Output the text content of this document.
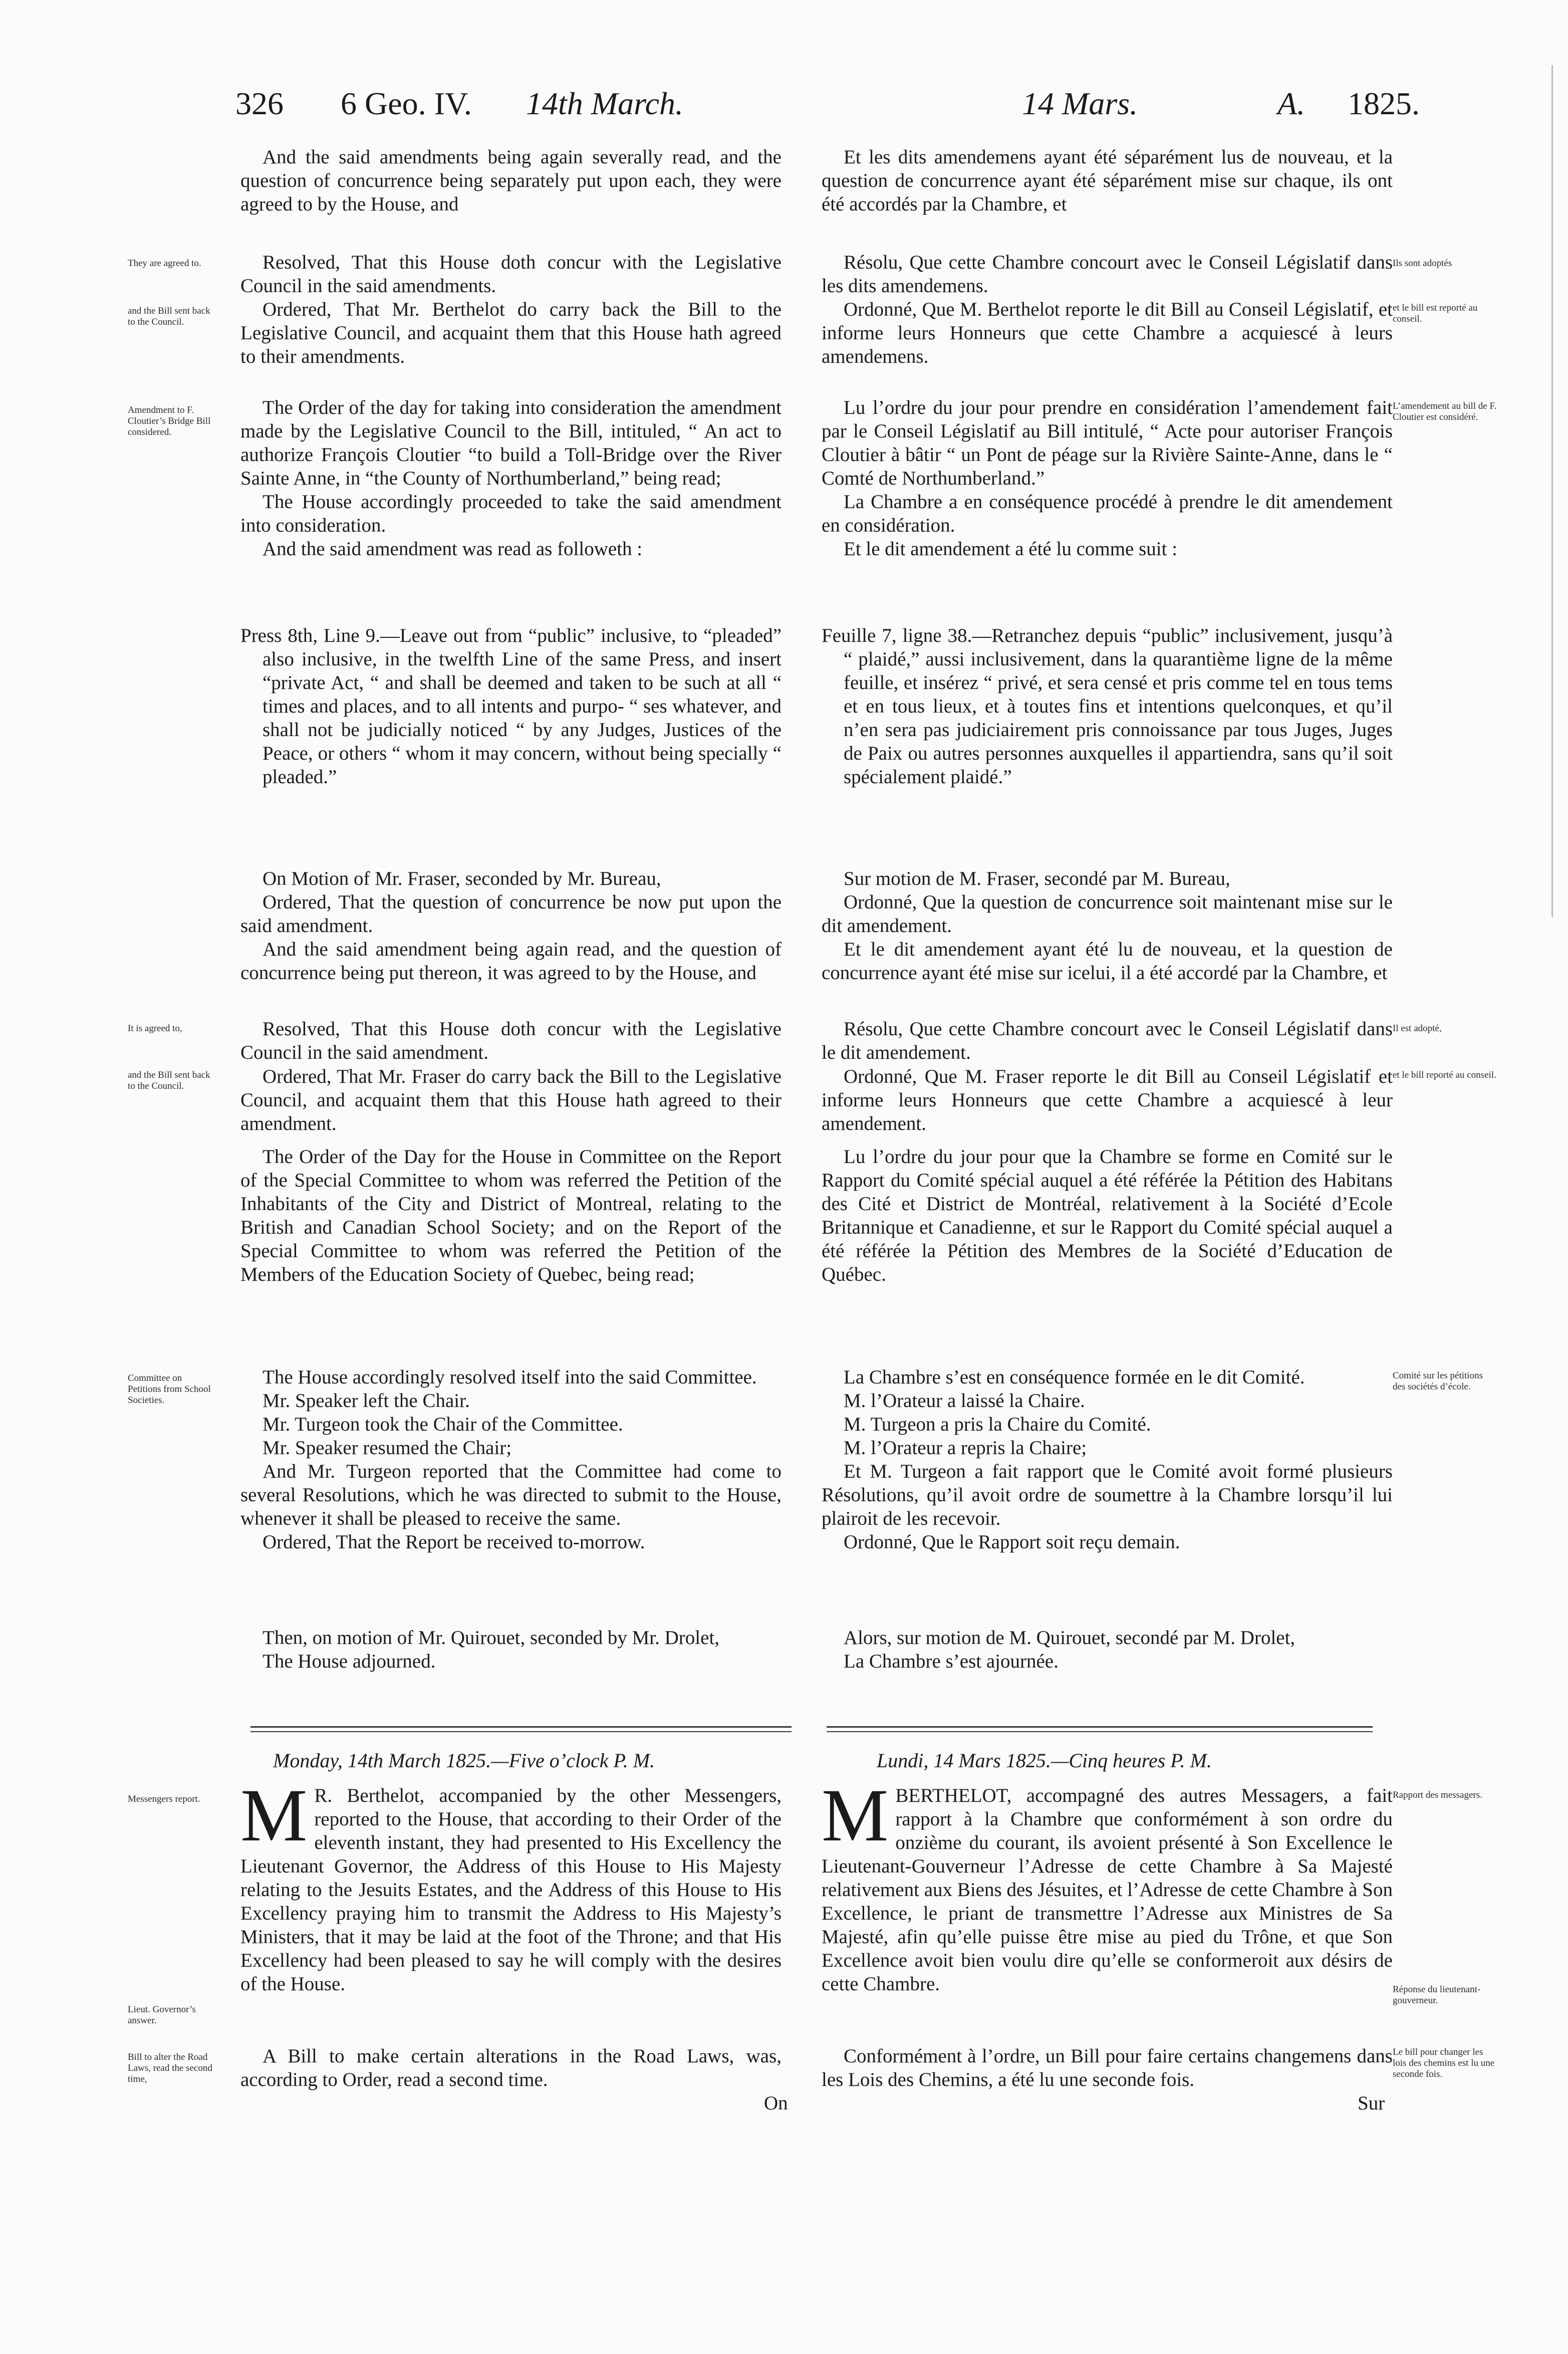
326 6 Geo. IV. 14th March.	14 Mars.	A. 1825.

And the said amendments being again severally read, and the question of concurrence being separately put upon each, they were agreed to by the House, and

Et les dits amendemens ayant été séparément lus de nouveau, et la question de concurrence ayant été séparément mise sur chaque, ils ont été accordés par la Chambre, et

They are agreed to.	Resolved, That this House doth concur with the Legislative Council in the said amendments.

Résolu, Que cette Chambre concourt avec le Conseil Législatif dans les dits amendemens.

Ils sont adoptés
and the Bill sent back to the Council.

Ordered, That Mr. Berthelot do carry back the Bill to the Legislative Council, and acquaint them that this House hath agreed to their amendments.

Ordonné, Que M. Berthelot reporte le dit Bill au Conseil Législatif, et informe leurs Honneurs que cette Chambre a acquiescé à leurs amendemens.

et le bill est reporté au conseil.
Amendment to F. Cloutier’s Bridge Bill considered.

The Order of the day for taking into consideration the amendment made by the Legislative Council to the Bill, intituled, “ An act to authorize François Cloutier “to build a Toll-Bridge over the River Sainte Anne, in “the County of Northumberland,” being read;

The House accordingly proceeded to take the said amendment into consideration.

And the said amendment was read as followeth :

Lu l’ordre du jour pour prendre en considération l’amendement fait par le Conseil Législatif au Bill intitulé, “ Acte pour autoriser François Cloutier à bâtir “ un Pont de péage sur la Rivière Sainte-Anne, dans le “ Comté de Northumberland.”

La Chambre a en conséquence procédé à prendre le dit amendement en considération.

Et le dit amendement a été lu comme suit :

L’amendement au bill de F. Cloutier est considéré.

Press 8th, Line 9.—Leave out from “public” inclusive, to “pleaded” also inclusive, in the twelfth Line of the same Press, and insert “private Act, “ and shall be deemed and taken to be such at all “ times and places, and to all intents and purpo- “ ses whatever, and shall not be judicially noticed “ by any Judges, Justices of the Peace, or others “ whom it may concern, without being specially “ pleaded.”

Feuille 7, ligne 38.—Retranchez depuis “public” inclusivement, jusqu’à “ plaidé,” aussi inclusivement, dans la quarantième ligne de la même feuille, et insérez “ privé, et sera censé et pris comme tel en tous tems et en tous lieux, et à toutes fins et intentions quelconques, et qu’il n’en sera pas judiciairement pris connoissance par tous Juges, Juges de Paix ou autres personnes auxquelles il appartiendra, sans qu’il soit spécialement plaidé.”

On Motion of Mr. Fraser, seconded by Mr. Bureau,

Ordered, That the question of concurrence be now put upon the said amendment.

And the said amendment being again read, and the question of concurrence being put thereon, it was agreed to by the House, and

Sur motion de M. Fraser, secondé par M. Bureau,

Ordonné, Que la question de concurrence soit maintenant mise sur le dit amendement.

Et le dit amendement ayant été lu de nouveau, et la question de concurrence ayant été mise sur icelui, il a été accordé par la Chambre, et

It is agreed to,	Resolved, That this House doth concur with the Legislative Council in the said amendment.

Résolu, Que cette Chambre concourt avec le Conseil Législatif dans le dit amendement.

Il est adopté,
and the Bill sent back to the Council.	Ordered, That Mr. Fraser do carry back the Bill to the Legislative Council, and acquaint them that this House hath agreed to their amendment.

Ordonné, Que M. Fraser reporte le dit Bill au Conseil Législatif et informe leurs Honneurs que cette Chambre a acquiescé à leur amendement.

et le bill reporté au conseil.

The Order of the Day for the House in Committee on the Report of the Special Committee to whom was referred the Petition of the Inhabitants of the City and District of Montreal, relating to the British and Canadian School Society; and on the Report of the Special Committee to whom was referred the Petition of the Members of the Education Society of Quebec, being read;

Lu l’ordre du jour pour que la Chambre se forme en Comité sur le Rapport du Comité spécial auquel a été référée la Pétition des Habitans des Cité et District de Montréal, relativement à la Société d’Ecole Britannique et Canadienne, et sur le Rapport du Comité spécial auquel a été référée la Pétition des Membres de la Société d’Education de Québec.

Committee on Petitions from School Societies.

The House accordingly resolved itself into the said Committee.

Mr. Speaker left the Chair.

Mr. Turgeon took the Chair of the Committee.

Mr. Speaker resumed the Chair;

And Mr. Turgeon reported that the Committee had come to several Resolutions, which he was directed to submit to the House, whenever it shall be pleased to receive the same.

Ordered, That the Report be received to-morrow.

La Chambre s’est en conséquence formée en le dit Comité.

M. l’Orateur a laissé la Chaire.

M. Turgeon a pris la Chaire du Comité.

M. l’Orateur a repris la Chaire;

Et M. Turgeon a fait rapport que le Comité avoit formé plusieurs Résolutions, qu’il avoit ordre de soumettre à la Chambre lorsqu’il lui plairoit de les recevoir.

Ordonné, Que le Rapport soit reçu demain.

Comité sur les pétitions des sociétés d’école.

Then, on motion of Mr. Quirouet, seconded by Mr. Drolet,

The House adjourned.

Alors, sur motion de M. Quirouet, secondé par M. Drolet,

La Chambre s’est ajournée.

Monday, 14th March 1825.—Five o’clock P. M.	Lundi, 14 Mars 1825.—Cinq heures P. M.
Messengers report. M R. Berthelot, accompanied by the other Messengers, reported to the House, that according to their Order of the eleventh instant, they had presented to His Excellency the Lieutenant Governor, the Address of this House to His Majesty relating to the Jesuits Estates, and the Address of this House to His Excellency praying him to transmit the Address to His Majesty’s Ministers, that it may be laid at the foot of the Throne; and that His Excellency had been pleased to say he will comply with the desires of the House.

MBERTHELOT, accompagné des autres Messagers, a fait rapport à la Chambre que conformément à son ordre du onzième du courant, ils avoient présenté à Son Excellence le Lieutenant-Gouverneur l’Adresse de cette Chambre à Sa Majesté relativement aux Biens des Jésuites, et l’Adresse de cette Chambre à Son Excellence, le priant de transmettre l’Adresse aux Ministres de Sa Majesté, afin qu’elle puisse être mise au pied du Trône, et que Son Excellence avoit bien voulu dire qu’elle se conformeroit aux désirs de cette Chambre.

Rapport des messagers.
Lieut. Governor’s answer.
Réponse du lieutenant-gouverneur.
Bill to alter the Road Laws, read the second time,

A Bill to make certain alterations in the Road Laws, was, according to Order, read a second time.

Conformément à l’ordre, un Bill pour faire certains changemens dans les Lois des Chemins, a été lu une seconde fois.

Le bill pour changer les lois des chemins est lu une seconde fois.
On	Sur
